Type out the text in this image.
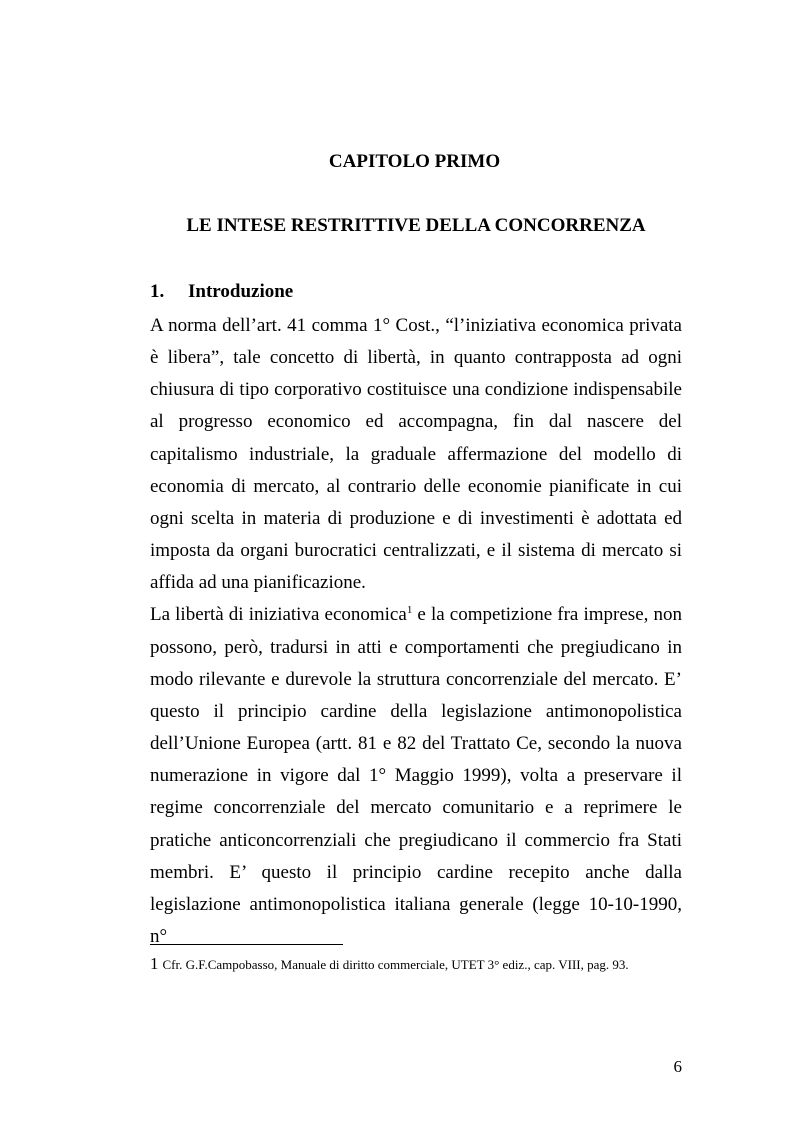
CAPITOLO PRIMO
LE INTESE RESTRITTIVE DELLA CONCORRENZA
1. Introduzione

A norma dell’art. 41 comma 1° Cost., “l’iniziativa economica privata è libera”, tale concetto di libertà, in quanto contrapposta ad ogni chiusura di tipo corporativo costituisce una condizione indispensabile al progresso economico ed accompagna, fin dal nascere del capitalismo industriale, la graduale affermazione del modello di economia di mercato, al contrario delle economie pianificate in cui ogni scelta in materia di produzione e di investimenti è adottata ed imposta da organi burocratici centralizzati, e il sistema di mercato si affida ad una pianificazione.

La libertà di iniziativa economica$^1$ e la competizione fra imprese, non possono, però, tradursi in atti e comportamenti che pregiudicano in modo rilevante e durevole la struttura concorrenziale del mercato. E’ questo il principio cardine della legislazione antimonopolistica dell’Unione Europea (artt. 81 e 82 del Trattato Ce, secondo la nuova numerazione in vigore dal 1° Maggio 1999), volta a preservare il regime concorrenziale del mercato comunitario e a reprimere le pratiche anticoncorrenziali che pregiudicano il commercio fra Stati membri. E’ questo il principio cardine recepito anche dalla legislazione antimonopolistica italiana generale (legge 10-10-1990, n°

1 Cfr. G.F.Campobasso, Manuale di diritto commerciale, UTET 3° ediz., cap. VIII, pag. 93.

6
